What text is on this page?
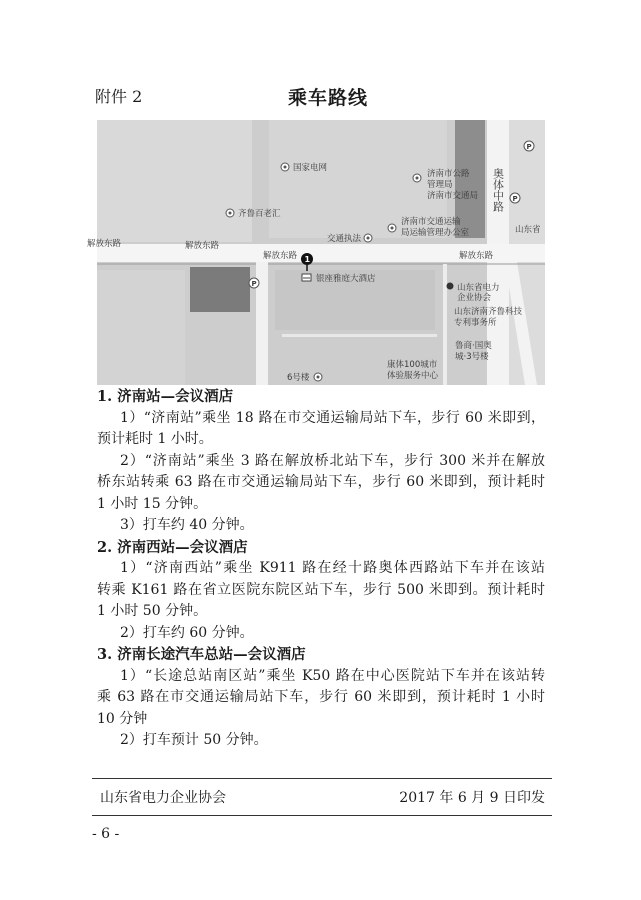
附件 2	乘车路线
国家电网
济南市公路
管理局
济南市交通局
齐鲁百老汇
济南市交通运输
局运输管理办公室
交通执法
解放东路	解放东路
解放东路	解放东路
奥体中路
山东省
1
银座雅庭大酒店
山东省电力
企业协会
山东济南齐鲁科技
专利事务所
鲁商·国奥
城·3号楼
康体100城市
体验服务中心
6号楼
P
P
P
1. 济南站—会议酒店
1）“济南站”乘坐 18 路在市交通运输局站下车，步行 60 米即到，
预计耗时 1 小时。
2）“济南站”乘坐 3 路在解放桥北站下车，步行 300 米并在解放
桥东站转乘 63 路在市交通运输局站下车，步行 60 米即到，预计耗时
1 小时 15 分钟。
3）打车约 40 分钟。
2. 济南西站—会议酒店
1）“济南西站”乘坐 K911 路在经十路奥体西路站下车并在该站
转乘 K161 路在省立医院东院区站下车，步行 500 米即到。预计耗时
1 小时 50 分钟。
2）打车约 60 分钟。
3. 济南长途汽车总站—会议酒店
1）“长途总站南区站”乘坐 K50 路在中心医院站下车并在该站转
乘 63 路在市交通运输局站下车，步行 60 米即到，预计耗时 1 小时
10 分钟
2）打车预计 50 分钟。
山东省电力企业协会	2017 年 6 月 9 日印发
- 6 -
